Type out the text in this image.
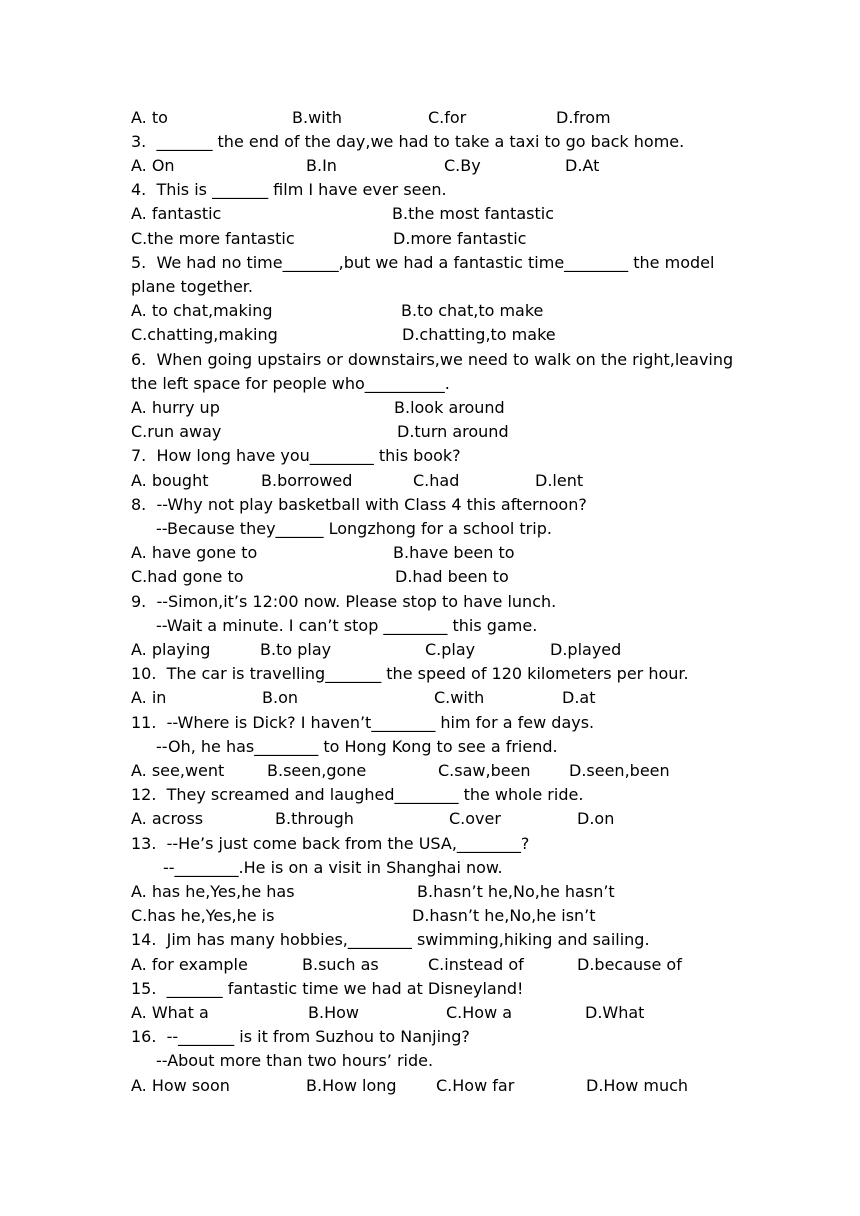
A. to	B.with	C.for	D.from
3.  _______ the end of the day,we had to take a taxi to go back home.
A. On	B.In	C.By	D.At
4.  This is _______ film I have ever seen.
A. fantastic	B.the most fantastic
C.the more fantastic	D.more fantastic
5.  We had no time_______,but we had a fantastic time________ the model
plane together.
A. to chat,making	B.to chat,to make
C.chatting,making	D.chatting,to make
6.  When going upstairs or downstairs,we need to walk on the right,leaving
the left space for people who__________.
A. hurry up	B.look around
C.run away	D.turn around
7.  How long have you________ this book?
A. bought	B.borrowed	C.had	D.lent
8.  --Why not play basketball with Class 4 this afternoon?
--Because they______ Longzhong for a school trip.
A. have gone to	B.have been to
C.had gone to	D.had been to
9.  --Simon,it’s 12:00 now. Please stop to have lunch.
--Wait a minute. I can’t stop ________ this game.
A. playing	B.to play	C.play	D.played
10.  The car is travelling_______ the speed of 120 kilometers per hour.
A. in	B.on	C.with	D.at
11.  --Where is Dick? I haven’t________ him for a few days.
--Oh, he has________ to Hong Kong to see a friend.
A. see,went	B.seen,gone	C.saw,been D.seen,been
12.  They screamed and laughed________ the whole ride.
A. across	B.through	C.over	D.on
13.  --He’s just come back from the USA,________?
--________.He is on a visit in Shanghai now.
A. has he,Yes,he has	B.hasn’t he,No,he hasn’t
C.has he,Yes,he is	D.hasn’t he,No,he isn’t
14.  Jim has many hobbies,________ swimming,hiking and sailing.
A. for example	B.such as	C.instead of	D.because of
15.  _______ fantastic time we had at Disneyland!
A. What a	B.How	C.How a	D.What
16.  --_______ is it from Suzhou to Nanjing?
--About more than two hours’ ride.
A. How soon	B.How long C.How far	D.How much
